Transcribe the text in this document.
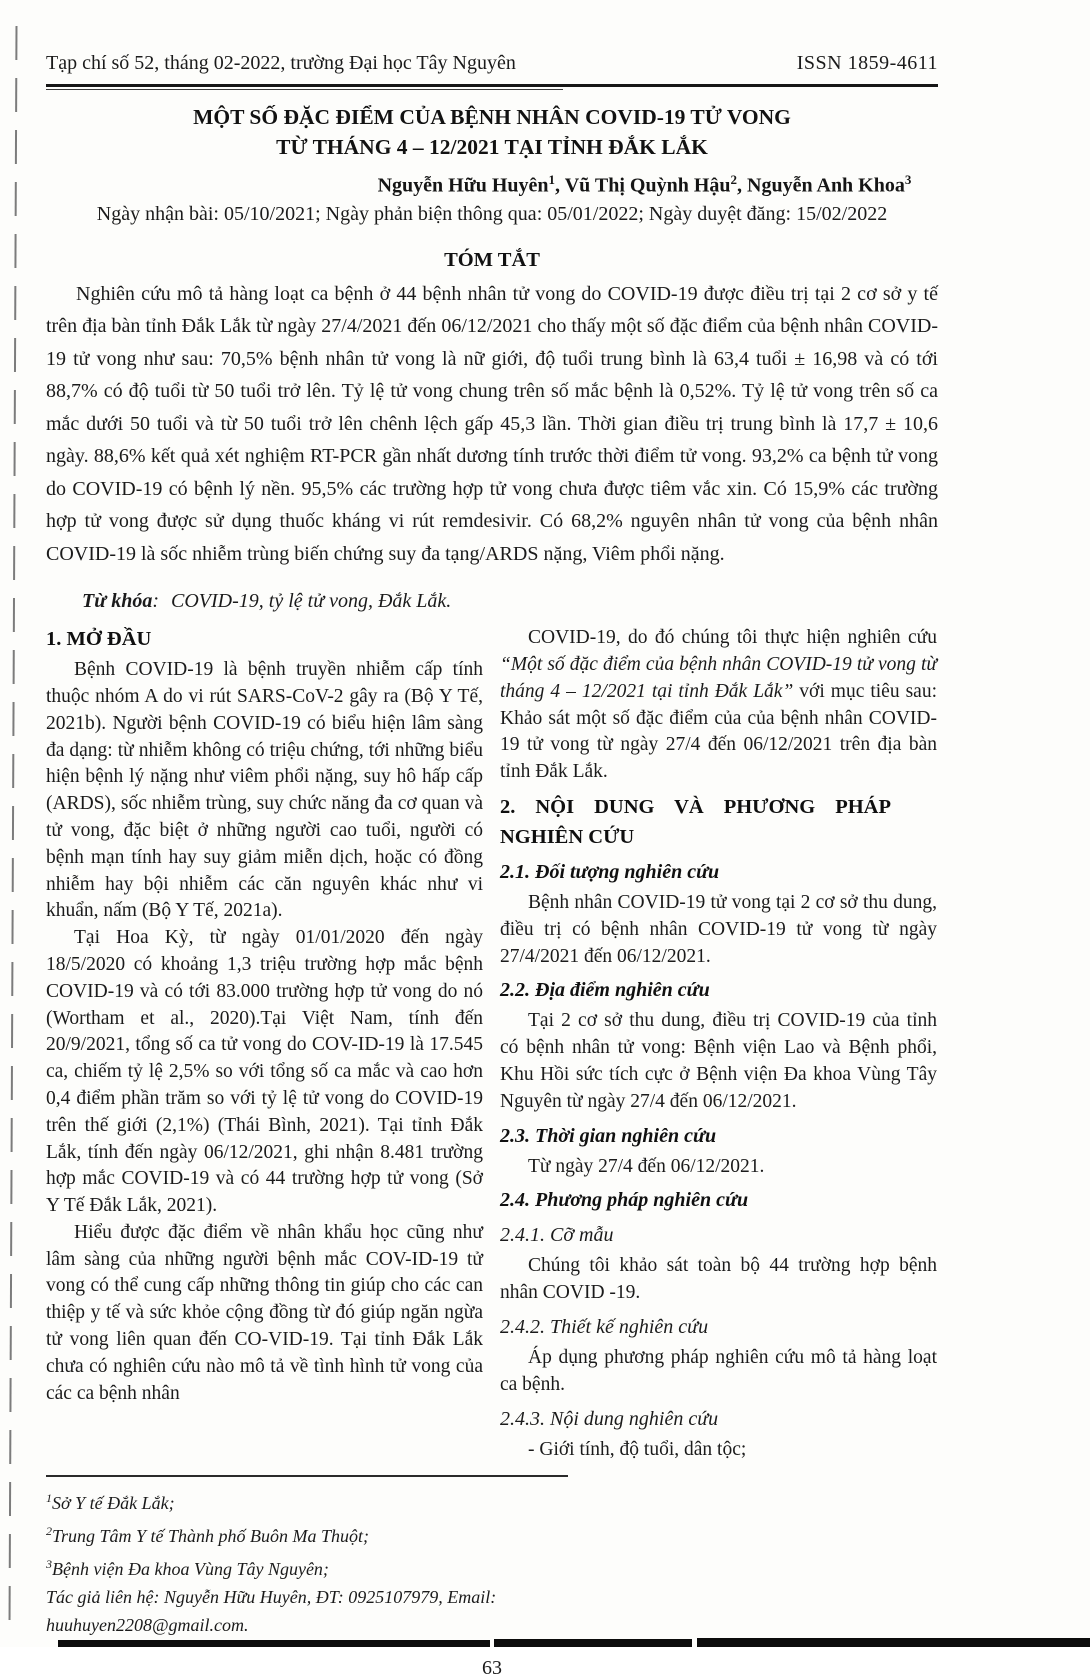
Tạp chí số 52, tháng 02-2022, trường Đại học Tây Nguyên	ISSN 1859-4611
MỘT SỐ ĐẶC ĐIỂM CỦA BỆNH NHÂN COVID-19 TỬ VONG
TỪ THÁNG 4 – 12/2021 TẠI TỈNH ĐẮK LẮK
Nguyễn Hữu Huyên$^1$, Vũ Thị Quỳnh Hậu$^2$, Nguyễn Anh Khoa$^3$
Ngày nhận bài: 05/10/2021; Ngày phản biện thông qua: 05/01/2022; Ngày duyệt đăng: 15/02/2022
TÓM TẮT

Nghiên cứu mô tả hàng loạt ca bệnh ở 44 bệnh nhân tử vong do COVID-19 được điều trị tại 2 cơ sở y tế trên địa bàn tỉnh Đắk Lắk từ ngày 27/4/2021 đến 06/12/2021 cho thấy một số đặc điểm của bệnh nhân COVID-19 tử vong như sau: 70,5% bệnh nhân tử vong là nữ giới, độ tuổi trung bình là 63,4 tuổi ± 16,98 và có tới 88,7% có độ tuổi từ 50 tuổi trở lên. Tỷ lệ tử vong chung trên số mắc bệnh là 0,52%. Tỷ lệ tử vong trên số ca mắc dưới 50 tuổi và từ 50 tuổi trở lên chênh lệch gấp 45,3 lần. Thời gian điều trị trung bình là 17,7 ± 10,6 ngày. 88,6% kết quả xét nghiệm RT-PCR gần nhất dương tính trước thời điểm tử vong. 93,2% ca bệnh tử vong do COVID-19 có bệnh lý nền. 95,5% các trường hợp tử vong chưa được tiêm vắc xin. Có 15,9% các trường hợp tử vong được sử dụng thuốc kháng vi rút remdesivir. Có 68,2% nguyên nhân tử vong của bệnh nhân COVID-19 là sốc nhiễm trùng biến chứng suy đa tạng/ARDS nặng, Viêm phổi nặng.

Từ khóa: COVID-19, tỷ lệ tử vong, Đắk Lắk.
1. MỞ ĐẦU

Bệnh COVID-19 là bệnh truyền nhiễm cấp tính thuộc nhóm A do vi rút SARS-CoV-2 gây ra (Bộ Y Tế, 2021b). Người bệnh COVID-19 có biểu hiện lâm sàng đa dạng: từ nhiễm không có triệu chứng, tới những biểu hiện bệnh lý nặng như viêm phổi nặng, suy hô hấp cấp (ARDS), sốc nhiễm trùng, suy chức năng đa cơ quan và tử vong, đặc biệt ở những người cao tuổi, người có bệnh mạn tính hay suy giảm miễn dịch, hoặc có đồng nhiễm hay bội nhiễm các căn nguyên khác như vi khuẩn, nấm (Bộ Y Tế, 2021a).

Tại Hoa Kỳ, từ ngày 01/01/2020 đến ngày 18/5/2020 có khoảng 1,3 triệu trường hợp mắc bệnh COVID-19 và có tới 83.000 trường hợp tử vong do nó (Wortham et al., 2020).Tại Việt Nam, tính đến 20/9/2021, tổng số ca tử vong do COV-ID-19 là 17.545 ca, chiếm tỷ lệ 2,5% so với tổng số ca mắc và cao hơn 0,4 điểm phần trăm so với tỷ lệ tử vong do COVID-19 trên thế giới (2,1%) (Thái Bình, 2021). Tại tỉnh Đắk Lắk, tính đến ngày 06/12/2021, ghi nhận 8.481 trường hợp mắc COVID-19 và có 44 trường hợp tử vong (Sở Y Tế Đắk Lắk, 2021).

Hiểu được đặc điểm về nhân khẩu học cũng như lâm sàng của những người bệnh mắc COV-ID-19 tử vong có thể cung cấp những thông tin giúp cho các can thiệp y tế và sức khỏe cộng đồng từ đó giúp ngăn ngừa tử vong liên quan đến CO-VID-19. Tại tỉnh Đắk Lắk chưa có nghiên cứu nào mô tả về tình hình tử vong của các ca bệnh nhân

COVID-19, do đó chúng tôi thực hiện nghiên cứu “Một số đặc điểm của bệnh nhân COVID-19 tử vong từ tháng 4 – 12/2021 tại tỉnh Đắk Lắk” với mục tiêu sau: Khảo sát một số đặc điểm của của bệnh nhân COVID-19 tử vong từ ngày 27/4 đến 06/12/2021 trên địa bàn tỉnh Đắk Lắk.

2. NỘI DUNG VÀ PHƯƠNG PHÁP NGHIÊN CỨU
2.1. Đối tượng nghiên cứu

Bệnh nhân COVID-19 tử vong tại 2 cơ sở thu dung, điều trị có bệnh nhân COVID-19 tử vong từ ngày 27/4/2021 đến 06/12/2021.

2.2. Địa điểm nghiên cứu

Tại 2 cơ sở thu dung, điều trị COVID-19 của tỉnh có bệnh nhân tử vong: Bệnh viện Lao và Bệnh phổi, Khu Hồi sức tích cực ở Bệnh viện Đa khoa Vùng Tây Nguyên từ ngày 27/4 đến 06/12/2021.

2.3. Thời gian nghiên cứu

Từ ngày 27/4 đến 06/12/2021.

2.4. Phương pháp nghiên cứu
2.4.1. Cỡ mẫu

Chúng tôi khảo sát toàn bộ 44 trường hợp bệnh nhân COVID -19.

2.4.2. Thiết kế nghiên cứu

Áp dụng phương pháp nghiên cứu mô tả hàng loạt ca bệnh.

2.4.3. Nội dung nghiên cứu

- Giới tính, độ tuổi, dân tộc;

$^1$Sở Y tế Đắk Lắk;
$^2$Trung Tâm Y tế Thành phố Buôn Ma Thuột;
$^3$Bệnh viện Đa khoa Vùng Tây Nguyên;
Tác giả liên hệ: Nguyễn Hữu Huyên, ĐT: 0925107979, Email: huuhuyen2208@gmail.com.
63
